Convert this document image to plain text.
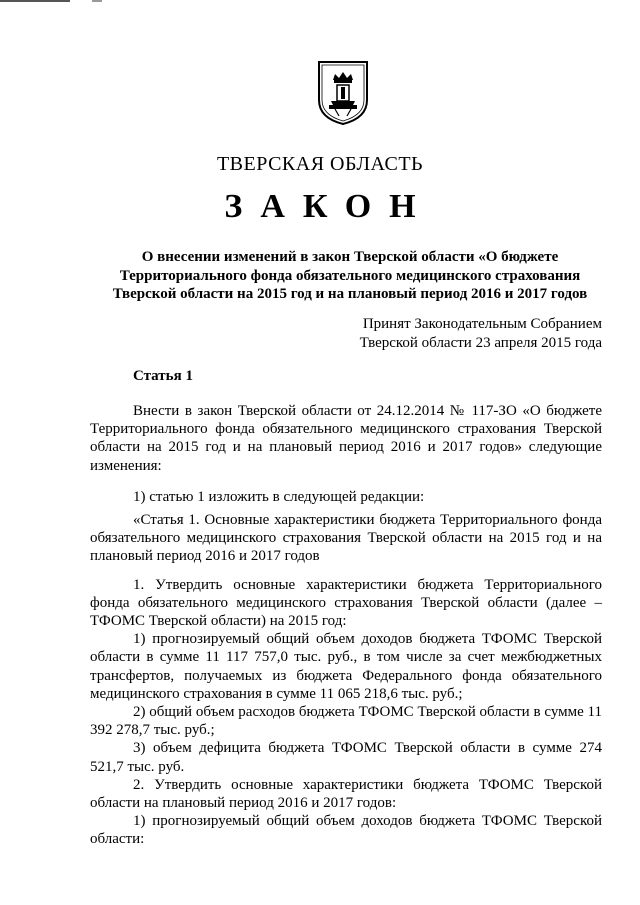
ТВЕРСКАЯ ОБЛАСТЬ
ЗАКОН
О внесении изменений в закон Тверской области «О бюджете
Территориального фонда обязательного медицинского страхования
Тверской области на 2015 год и на плановый период 2016 и 2017 годов
Принят Законодательным Собранием
Тверской области 23 апреля 2015 года
Статья 1

Внести в закон Тверской области от 24.12.2014 № 117-ЗО «О бюджете Территориального фонда обязательного медицинского страхования Тверской области на 2015 год и на плановый период 2016 и 2017 годов» следующие изменения:

1) статью 1 изложить в следующей редакции:

«Статья 1. Основные характеристики бюджета Территориального фонда обязательного медицинского страхования Тверской области на 2015 год и на плановый период 2016 и 2017 годов

1. Утвердить основные характеристики бюджета Территориального фонда обязательного медицинского страхования Тверской области (далее – ТФОМС Тверской области) на 2015 год:

1) прогнозируемый общий объем доходов бюджета ТФОМС Тверской области в сумме 11 117 757,0 тыс. руб., в том числе за счет межбюджетных трансфертов, получаемых из бюджета Федерального фонда обязательного медицинского страхования в сумме 11 065 218,6 тыс. руб.;

2) общий объем расходов бюджета ТФОМС Тверской области в сумме 11 392 278,7 тыс. руб.;

3) объем дефицита бюджета ТФОМС Тверской области в сумме 274 521,7 тыс. руб.

2. Утвердить основные характеристики бюджета ТФОМС Тверской области на плановый период 2016 и 2017 годов:

1) прогнозируемый общий объем доходов бюджета ТФОМС Тверской области:
